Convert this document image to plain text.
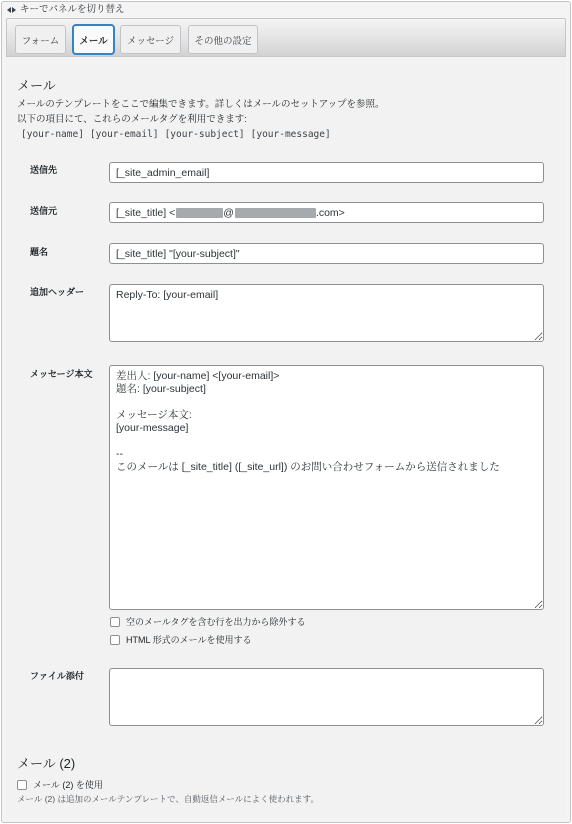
キーでパネルを切り替え
フォーム	メール	メッセージ	その他の設定
メール
メールのテンプレートをここで編集できます。詳しくはメールのセットアップを参照。
以下の項目にて、これらのメールタグを利用できます:
[your-name] [your-email] [your-subject] [your-message]
送信先
[_site_admin_email]
送信元	[_site_title] <	@	.com>
題名
[_site_title] "[your-subject]"
追加ヘッダー
Reply-To: [your-email]
メッセージ本文
差出人: [your-name] <[your-email]> 題名: [your-subject] メッセージ本文: [your-message] -- このメールは [_site_title] ([_site_url]) のお問い合わせフォームから送信されました
空のメールタグを含む行を出力から除外する
HTML 形式のメールを使用する
ファイル添付
メール (2)
メール (2) を使用
メール (2) は追加のメールテンプレートで、自動返信メールによく使われます。
